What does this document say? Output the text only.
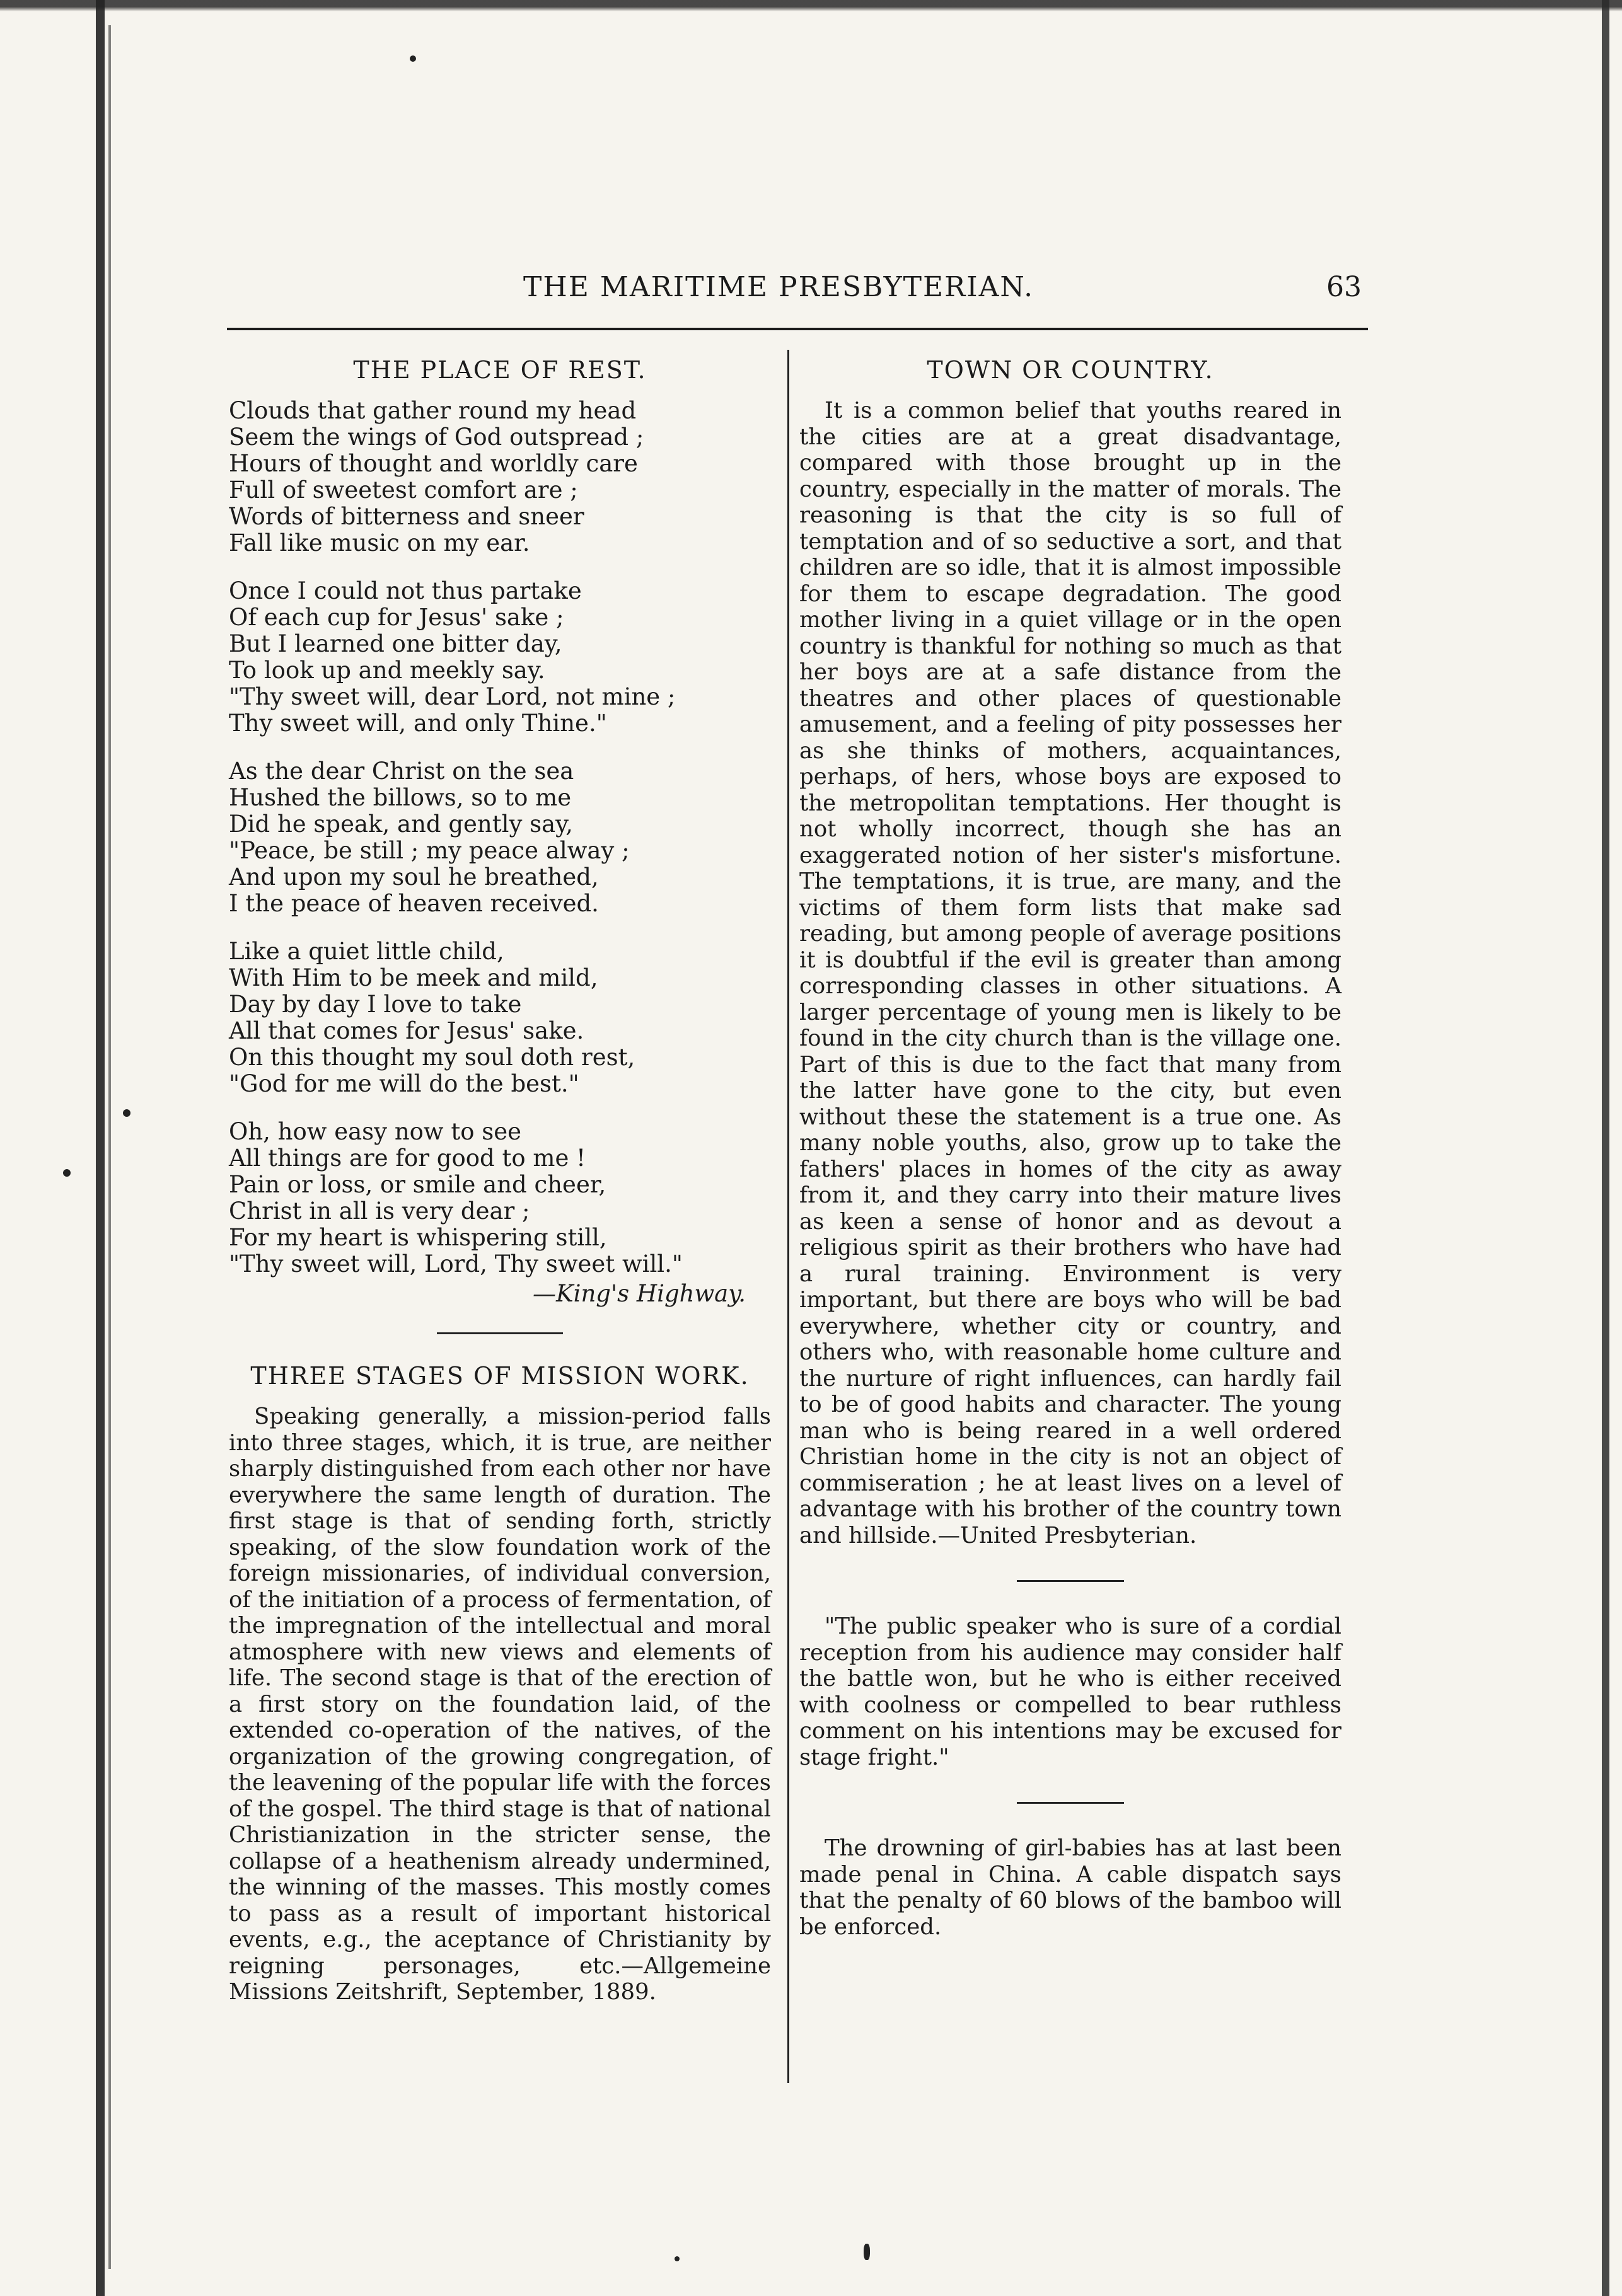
THE MARITIME PRESBYTERIAN.	63
THE PLACE OF REST.

Clouds that gather round my head
Seem the wings of God outspread ;
Hours of thought and worldly care
Full of sweetest comfort are ;
Words of bitterness and sneer
Fall like music on my ear.

Once I could not thus partake
Of each cup for Jesus' sake ;
But I learned one bitter day,
To look up and meekly say.
"Thy sweet will, dear Lord, not mine ;
Thy sweet will, and only Thine."

As the dear Christ on the sea
Hushed the billows, so to me
Did he speak, and gently say,
"Peace, be still ; my peace alway ;
And upon my soul he breathed,
I the peace of heaven received.

Like a quiet little child,
With Him to be meek and mild,
Day by day I love to take
All that comes for Jesus' sake.
On this thought my soul doth rest,
"God for me will do the best."

Oh, how easy now to see
All things are for good to me !
Pain or loss, or smile and cheer,
Christ in all is very dear ;
For my heart is whispering still,
"Thy sweet will, Lord, Thy sweet will."

—King's Highway.
THREE STAGES OF MISSION WORK.

Speaking generally, a mission-period falls into three stages, which, it is true, are neither sharply distinguished from each other nor have everywhere the same length of duration. The first stage is that of sending forth, strictly speaking, of the slow foundation work of the foreign missionaries, of individual conversion, of the initiation of a process of fermentation, of the impregnation of the intellectual and moral atmosphere with new views and elements of life. The second stage is that of the erection of a first story on the foundation laid, of the extended co-operation of the natives, of the organization of the growing congregation, of the leavening of the popular life with the forces of the gospel. The third stage is that of national Christianization in the stricter sense, the collapse of a heathenism already undermined, the winning of the masses. This mostly comes to pass as a result of important historical events, e.g., the aceptance of Christianity by reigning personages, etc.—Allgemeine Missions Zeitshrift, September, 1889.

TOWN OR COUNTRY.

It is a common belief that youths reared in the cities are at a great disadvantage, compared with those brought up in the country, especially in the matter of morals. The reasoning is that the city is so full of temptation and of so seductive a sort, and that children are so idle, that it is almost impossible for them to escape degradation. The good mother living in a quiet village or in the open country is thankful for nothing so much as that her boys are at a safe distance from the theatres and other places of questionable amusement, and a feeling of pity possesses her as she thinks of mothers, acquaintances, perhaps, of hers, whose boys are exposed to the metropolitan temptations. Her thought is not wholly incorrect, though she has an exaggerated notion of her sister's misfortune. The temptations, it is true, are many, and the victims of them form lists that make sad reading, but among people of average positions it is doubtful if the evil is greater than among corresponding classes in other situations. A larger percentage of young men is likely to be found in the city church than is the village one. Part of this is due to the fact that many from the latter have gone to the city, but even without these the statement is a true one. As many noble youths, also, grow up to take the fathers' places in homes of the city as away from it, and they carry into their mature lives as keen a sense of honor and as devout a religious spirit as their brothers who have had a rural training. Environment is very important, but there are boys who will be bad everywhere, whether city or country, and others who, with reasonable home culture and the nurture of right influences, can hardly fail to be of good habits and character. The young man who is being reared in a well ordered Christian home in the city is not an object of commiseration ; he at least lives on a level of advantage with his brother of the country town and hillside.—United Presbyterian.

"The public speaker who is sure of a cordial reception from his audience may consider half the battle won, but he who is either received with coolness or compelled to bear ruthless comment on his intentions may be excused for stage fright."

The drowning of girl-babies has at last been made penal in China. A cable dispatch says that the penalty of 60 blows of the bamboo will be enforced.
